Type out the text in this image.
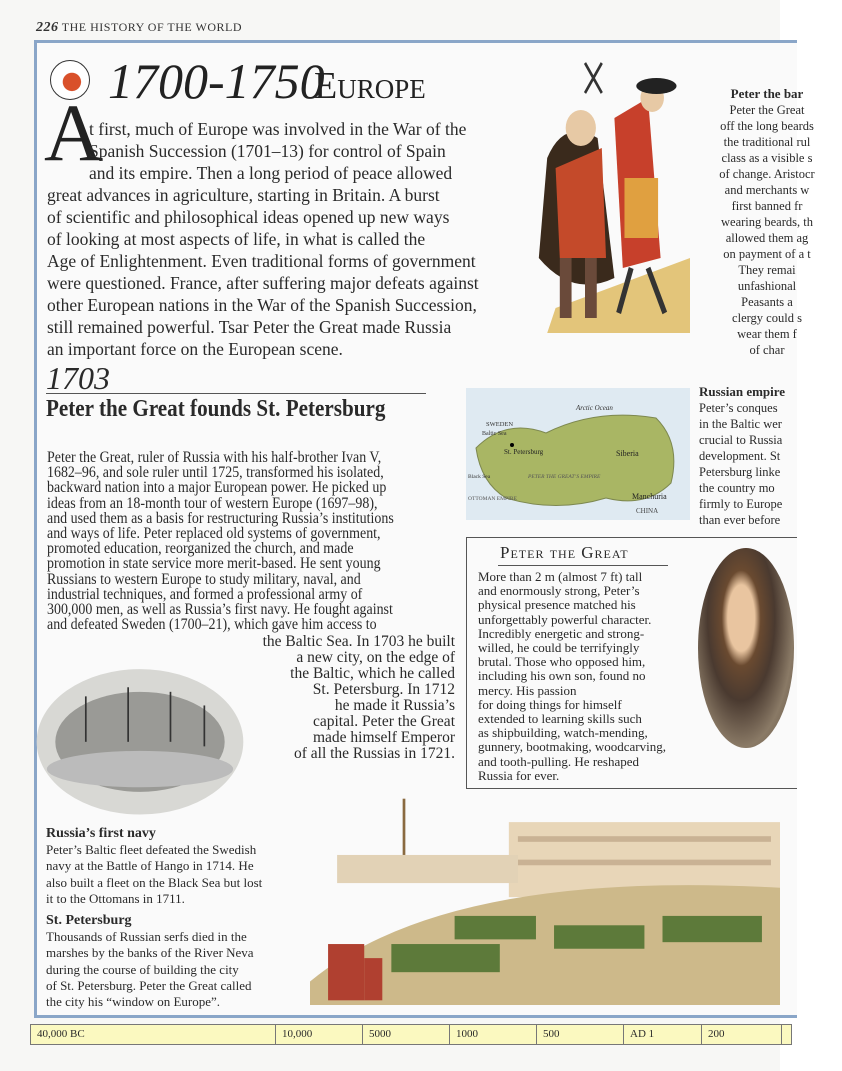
226 THE HISTORY OF THE WORLD
1700-1750
Europe
A
t first, much of Europe was involved in the War of the
Spanish Succession (1701–13) for control of Spain
and its empire. Then a long period of peace allowed
great advances in agriculture, starting in Britain. A burst
of scientific and philosophical ideas opened up new ways
of looking at most aspects of life, in what is called the
Age of Enlightenment. Even traditional forms of government
were questioned. France, after suffering major defeats against
other European nations in the War of the Spanish Succession,
still remained powerful. Tsar Peter the Great made Russia
an important force on the European scene.
Peter the bar
Peter the Great
off the long beards
the traditional rul
class as a visible s
of change. Aristocr
and merchants w
first banned fr
wearing beards, th
allowed them ag
on payment of a t
They remai
unfashional
Peasants a
clergy could s
wear them f
of char
Arctic Ocean
SWEDEN
Baltic Sea
St. Petersburg	Siberia
PETER THE GREAT’S EMPIRE
Black Sea
OTTOMAN EMPIRE	Manchuria
CHINA
Russian empire
Peter’s conques
in the Baltic wer
crucial to Russia
development. St
Petersburg linke
the country mo
firmly to Europe
than ever before
1703
Peter the Great founds St. Petersburg
Peter the Great, ruler of Russia with his half-brother Ivan V,
1682–96, and sole ruler until 1725, transformed his isolated,
backward nation into a major European power. He picked up
ideas from an 18-month tour of western Europe (1697–98),
and used them as a basis for restructuring Russia’s institutions
and ways of life. Peter replaced old systems of government,
promoted education, reorganized the church, and made
promotion in state service more merit-based. He sent young
Russians to western Europe to study military, naval, and
industrial techniques, and formed a professional army of
300,000 men, as well as Russia’s first navy. He fought against
and defeated Sweden (1700–21), which gave him access to
the Baltic Sea. In 1703 he built
a new city, on the edge of
the Baltic, which he called
St. Petersburg. In 1712
he made it Russia’s
capital. Peter the Great
made himself Emperor
of all the Russias in 1721.
Peter the Great
More than 2 m (almost 7 ft) tall
and enormously strong, Peter’s
physical presence matched his
unforgettably powerful character.
Incredibly energetic and strong-
willed, he could be terrifyingly
brutal. Those who opposed him,
including his own son, found no
mercy. His passion
for doing things for himself
extended to learning skills such
as shipbuilding, watch-mending,
gunnery, bootmaking, woodcarving,
and tooth-pulling. He reshaped
Russia for ever.
Russia’s first navy
Peter’s Baltic fleet defeated the Swedish
navy at the Battle of Hango in 1714. He
also built a fleet on the Black Sea but lost
it to the Ottomans in 1711.
St. Petersburg
Thousands of Russian serfs died in the
marshes by the banks of the River Neva
during the course of building the city
of St. Petersburg. Peter the Great called
the city his “window on Europe”.
40,000 BC	10,000	5000	1000	500	AD 1	200
